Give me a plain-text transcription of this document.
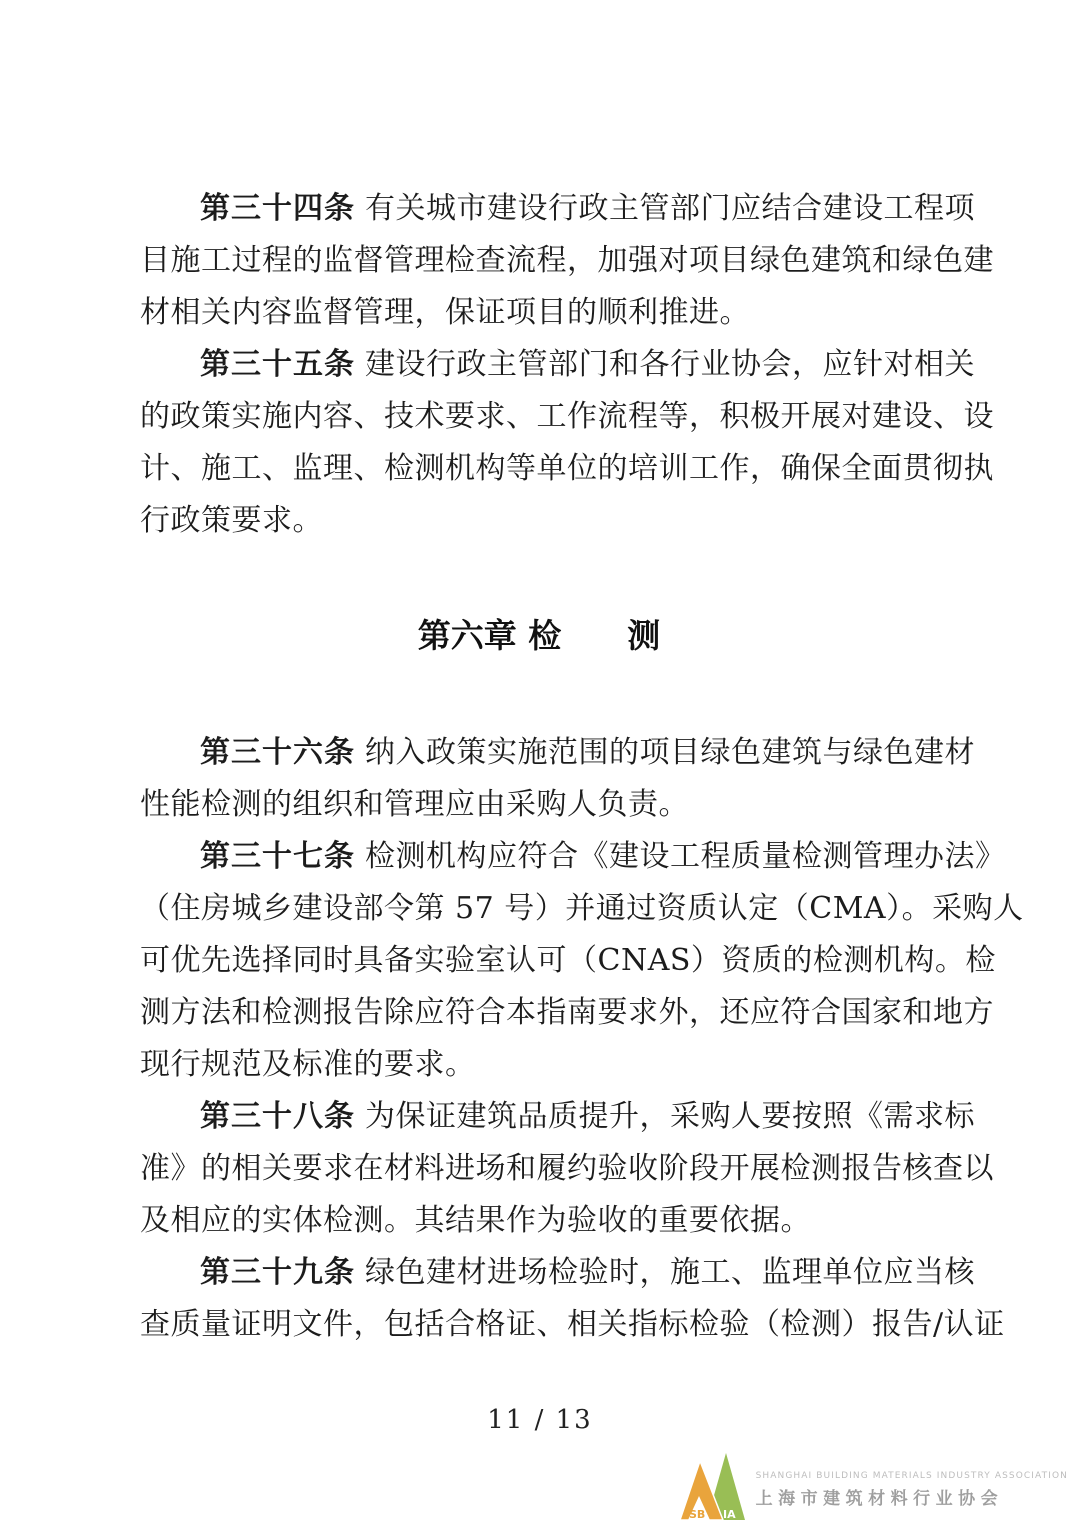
第三十四条 有关城市建设行政主管部门应结合建设工程项
目施工过程的监督管理检查流程，加强对项目绿色建筑和绿色建
材相关内容监督管理，保证项目的顺利推进。
第三十五条 建设行政主管部门和各行业协会，应针对相关
的政策实施内容、技术要求、工作流程等，积极开展对建设、设
计、施工、监理、检测机构等单位的培训工作，确保全面贯彻执
行政策要求。
第六章 检　　测
第三十六条 纳入政策实施范围的项目绿色建筑与绿色建材
性能检测的组织和管理应由采购人负责。
第三十七条 检测机构应符合《建设工程质量检测管理办法》
（住房城乡建设部令第 57 号）并通过资质认定（CMA）。采购人
可优先选择同时具备实验室认可（CNAS）资质的检测机构。检
测方法和检测报告除应符合本指南要求外，还应符合国家和地方
现行规范及标准的要求。
第三十八条 为保证建筑品质提升，采购人要按照《需求标
准》的相关要求在材料进场和履约验收阶段开展检测报告核查以
及相应的实体检测。其结果作为验收的重要依据。
第三十九条 绿色建材进场检验时，施工、监理单位应当核
查质量证明文件，包括合格证、相关指标检验（检测）报告/认证
11 / 13
SB IA
SHANGHAI BUILDING MATERIALS INDUSTRY ASSOCIATION
上海市建筑材料行业协会
